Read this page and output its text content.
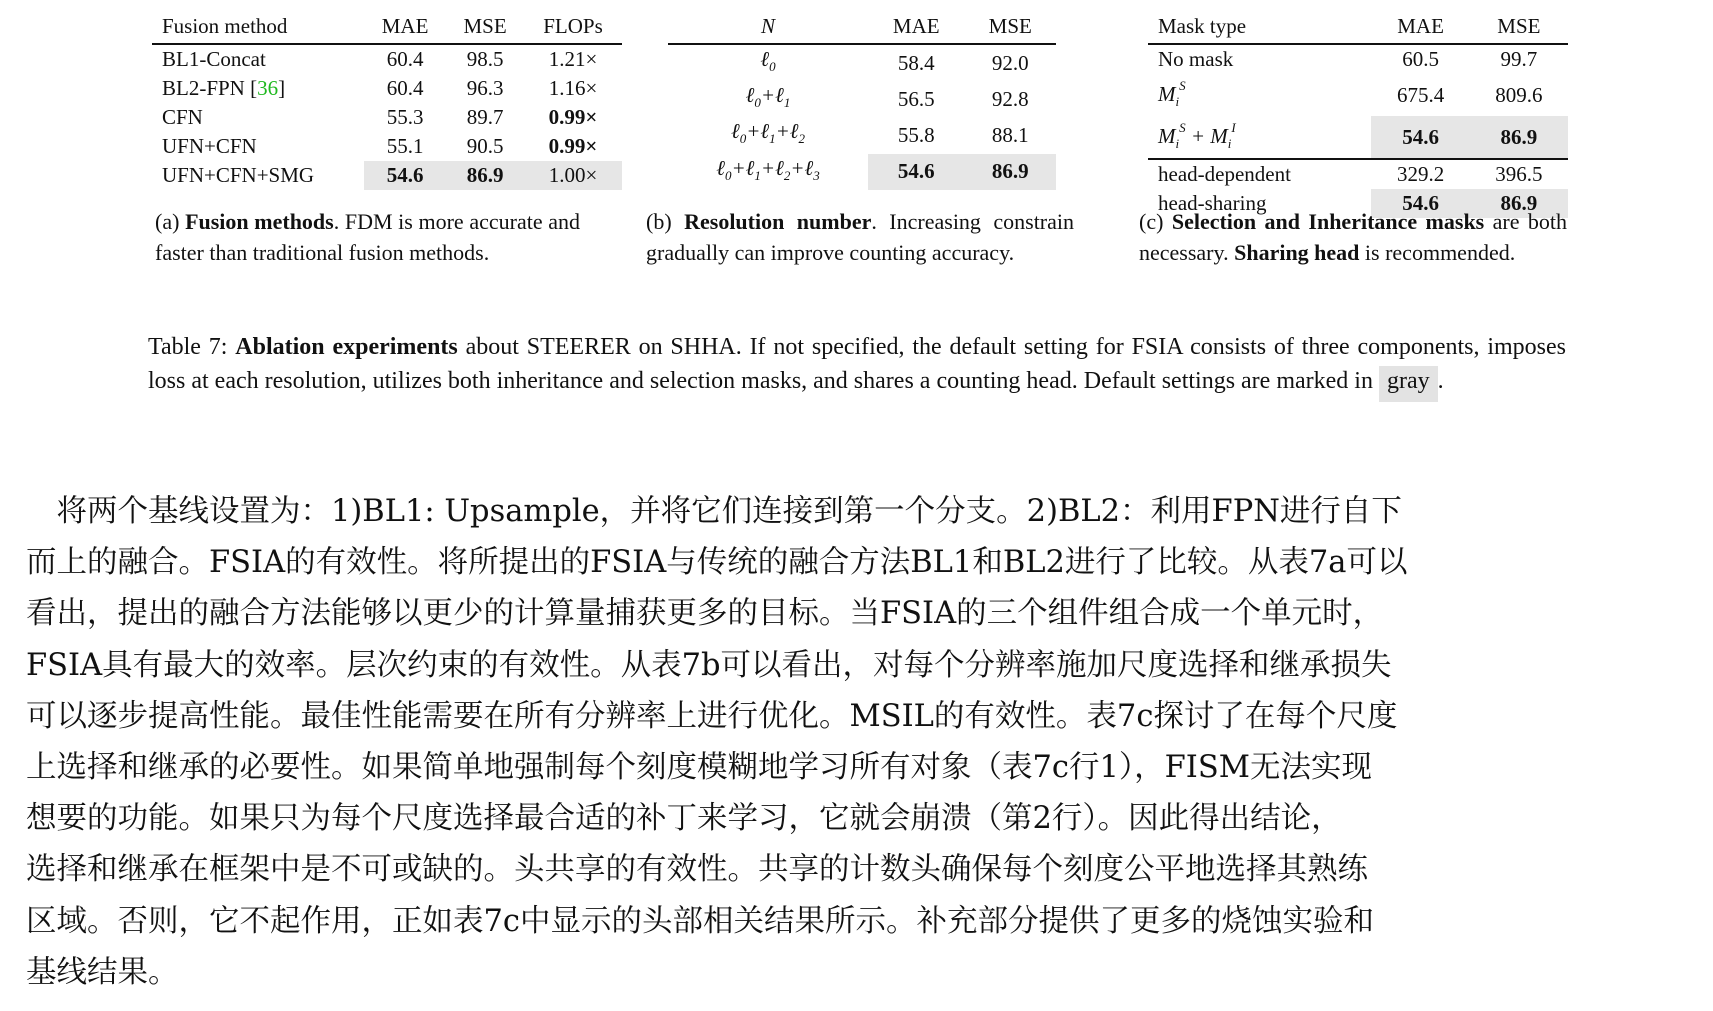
Fusion method	MAE	MSE	FLOPs
BL1-Concat	60.4	98.5	1.21×
BL2-FPN [36]	60.4	96.3	1.16×
CFN	55.3	89.7	0.99×
UFN+CFN	55.1	90.5	0.99×
UFN+CFN+SMG	54.6	86.9	1.00×
(a) Fusion methods. FDM is more accurate and faster than traditional fusion methods.
N	MAE	MSE
ℓ$_0$	58.4	92.0
ℓ$_0$+ℓ$_1$	56.5	92.8
ℓ$_0$+ℓ$_1$+ℓ$_2$	55.8	88.1
ℓ$_0$+ℓ$_1$+ℓ$_2$+ℓ$_3$	54.6	86.9
(b) Resolution number. Increasing constrain gradually can improve counting accuracy.
Mask type	MAE	MSE
No mask	60.5	99.7
$M_i^S$	675.4	809.6
$M_i^S + M_i^I$	54.6	86.9
head-dependent	329.2	396.5
head-sharing	54.6	86.9
(c) Selection and Inheritance masks are both necessary. Sharing head is recommended.
Table 7: Ablation experiments about STEERER on SHHA. If not specified, the default setting for FSIA consists of three components, imposes loss at each resolution, utilizes both inheritance and selection masks, and shares a counting head. Default settings are marked in gray .
　将两个基线设置为：1)BL1: Upsample，并将它们连接到第一个分支。2)BL2：利用FPN进行自下
而上的融合。FSIA的有效性。将所提出的FSIA与传统的融合方法BL1和BL2进行了比较。从表7a可以
看出，提出的融合方法能够以更少的计算量捕获更多的目标。当FSIA的三个组件组合成一个单元时，
FSIA具有最大的效率。层次约束的有效性。从表7b可以看出，对每个分辨率施加尺度选择和继承损失
可以逐步提高性能。最佳性能需要在所有分辨率上进行优化。MSIL的有效性。表7c探讨了在每个尺度
上选择和继承的必要性。如果简单地强制每个刻度模糊地学习所有对象（表7c行1），FISM无法实现
想要的功能。如果只为每个尺度选择最合适的补丁来学习，它就会崩溃（第2行）。因此得出结论，
选择和继承在框架中是不可或缺的。头共享的有效性。共享的计数头确保每个刻度公平地选择其熟练
区域。否则，它不起作用，正如表7c中显示的头部相关结果所示。补充部分提供了更多的烧蚀实验和
基线结果。
